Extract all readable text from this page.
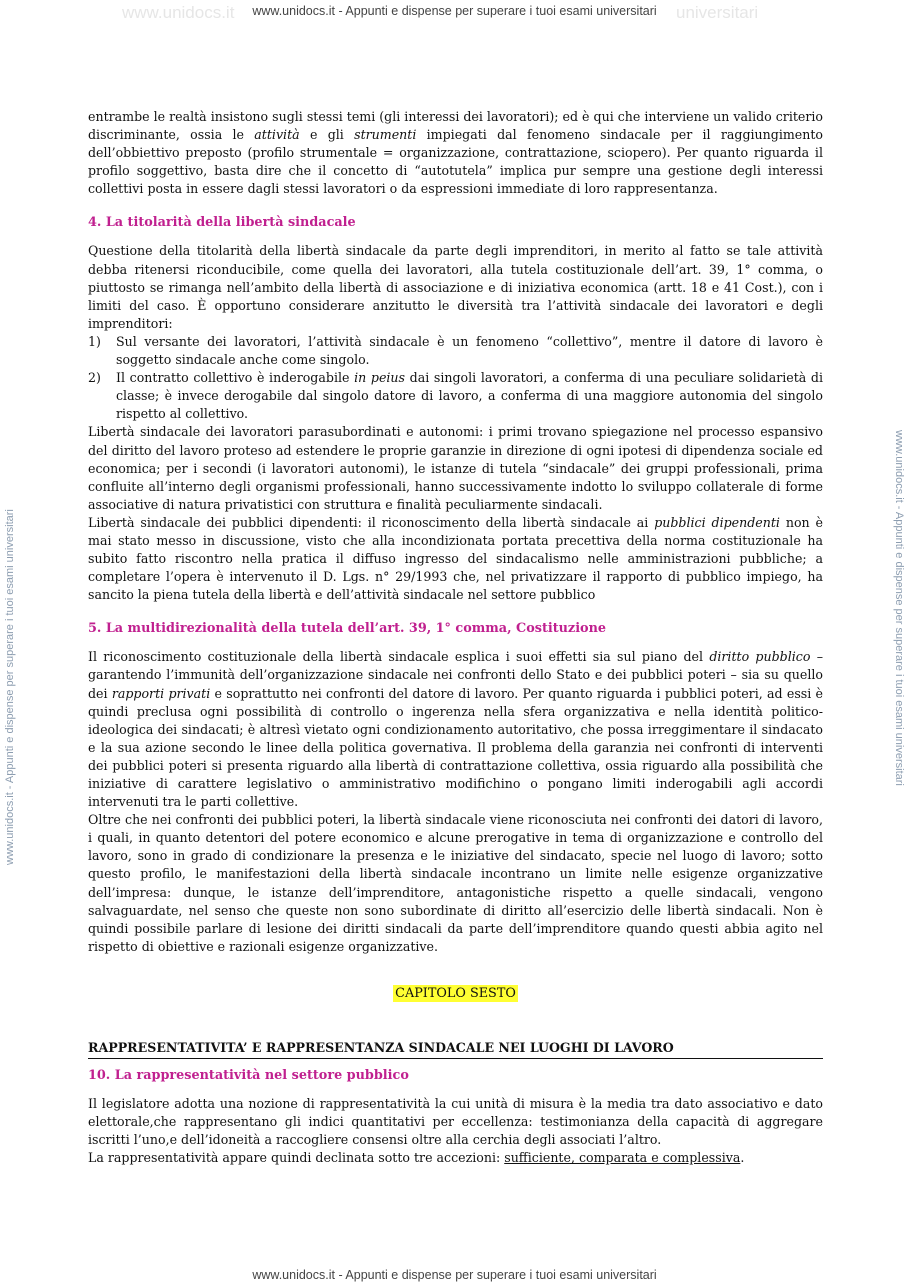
www.unidocs.it	universitari
www.unidocs.it - Appunti e dispense per superare i tuoi esami universitari
www.unidocs.it - Appunti e dispense per superare i tuoi esami universitari	www.unidocs.it - Appunti e dispense per superare i tuoi esami universitari

entrambe le realtà insistono sugli stessi temi (gli interessi dei lavoratori); ed è qui che interviene un valido criterio discriminante, ossia le attività e gli strumenti impiegati dal fenomeno sindacale per il raggiungimento dell’obbiettivo preposto (profilo strumentale = organizzazione, contrattazione, sciopero). Per quanto riguarda il profilo soggettivo, basta dire che il concetto di “autotutela” implica pur sempre una gestione degli interessi collettivi posta in essere dagli stessi lavoratori o da espressioni immediate di loro rappresentanza.

4. La titolarità della libertà sindacale

Questione della titolarità della libertà sindacale da parte degli imprenditori, in merito al fatto se tale attività debba ritenersi riconducibile, come quella dei lavoratori, alla tutela costituzionale dell’art. 39, 1° comma, o piuttosto se rimanga nell’ambito della libertà di associazione e di iniziativa economica (artt. 18 e 41 Cost.), con i limiti del caso. È opportuno considerare anzitutto le diversità tra l’attività sindacale dei lavoratori e degli imprenditori:

1) Sul versante dei lavoratori, l’attività sindacale è un fenomeno “collettivo”, mentre il datore di lavoro è soggetto sindacale anche come singolo.
2) Il contratto collettivo è inderogabile in peius dai singoli lavoratori, a conferma di una peculiare solidarietà di classe; è invece derogabile dal singolo datore di lavoro, a conferma di una maggiore autonomia del singolo rispetto al collettivo.

Libertà sindacale dei lavoratori parasubordinati e autonomi: i primi trovano spiegazione nel processo espansivo del diritto del lavoro proteso ad estendere le proprie garanzie in direzione di ogni ipotesi di dipendenza sociale ed economica; per i secondi (i lavoratori autonomi), le istanze di tutela “sindacale” dei gruppi professionali, prima confluite all’interno degli organismi professionali, hanno successivamente indotto lo sviluppo collaterale di forme associative di natura privatistici con struttura e finalità peculiarmente sindacali.

Libertà sindacale dei pubblici dipendenti: il riconoscimento della libertà sindacale ai pubblici dipendenti non è mai stato messo in discussione, visto che alla incondizionata portata precettiva della norma costituzionale ha subito fatto riscontro nella pratica il diffuso ingresso del sindacalismo nelle amministrazioni pubbliche; a completare l’opera è intervenuto il D. Lgs. n° 29/1993 che, nel privatizzare il rapporto di pubblico impiego, ha sancito la piena tutela della libertà e dell’attività sindacale nel settore pubblico

5. La multidirezionalità della tutela dell’art. 39, 1° comma, Costituzione

Il riconoscimento costituzionale della libertà sindacale esplica i suoi effetti sia sul piano del diritto pubblico – garantendo l’immunità dell’organizzazione sindacale nei confronti dello Stato e dei pubblici poteri – sia su quello dei rapporti privati e soprattutto nei confronti del datore di lavoro. Per quanto riguarda i pubblici poteri, ad essi è quindi preclusa ogni possibilità di controllo o ingerenza nella sfera organizzativa e nella identità politico-ideologica dei sindacati; è altresì vietato ogni condizionamento autoritativo, che possa irreggimentare il sindacato e la sua azione secondo le linee della politica governativa. Il problema della garanzia nei confronti di interventi dei pubblici poteri si presenta riguardo alla libertà di contrattazione collettiva, ossia riguardo alla possibilità che iniziative di carattere legislativo o amministrativo modifichino o pongano limiti inderogabili agli accordi intervenuti tra le parti collettive.

Oltre che nei confronti dei pubblici poteri, la libertà sindacale viene riconosciuta nei confronti dei datori di lavoro, i quali, in quanto detentori del potere economico e alcune prerogative in tema di organizzazione e controllo del lavoro, sono in grado di condizionare la presenza e le iniziative del sindacato, specie nel luogo di lavoro; sotto questo profilo, le manifestazioni della libertà sindacale incontrano un limite nelle esigenze organizzative dell’impresa: dunque, le istanze dell’imprenditore, antagonistiche rispetto a quelle sindacali, vengono salvaguardate, nel senso che queste non sono subordinate di diritto all’esercizio delle libertà sindacali. Non è quindi possibile parlare di lesione dei diritti sindacali da parte dell’imprenditore quando questi abbia agito nel rispetto di obiettive e razionali esigenze organizzative.

CAPITOLO SESTO
RAPPRESENTATIVITA’ E RAPPRESENTANZA SINDACALE NEI LUOGHI DI LAVORO
10. La rappresentatività nel settore pubblico

Il legislatore adotta una nozione di rappresentatività la cui unità di misura è la media tra dato associativo e dato elettorale,che rappresentano gli indici quantitativi per eccellenza: testimonianza della capacità di aggregare iscritti l’uno,e dell’idoneità a raccogliere consensi oltre alla cerchia degli associati l’altro.

La rappresentatività appare quindi declinata sotto tre accezioni: sufficiente, comparata e complessiva.

www.unidocs.it - Appunti e dispense per superare i tuoi esami universitari
